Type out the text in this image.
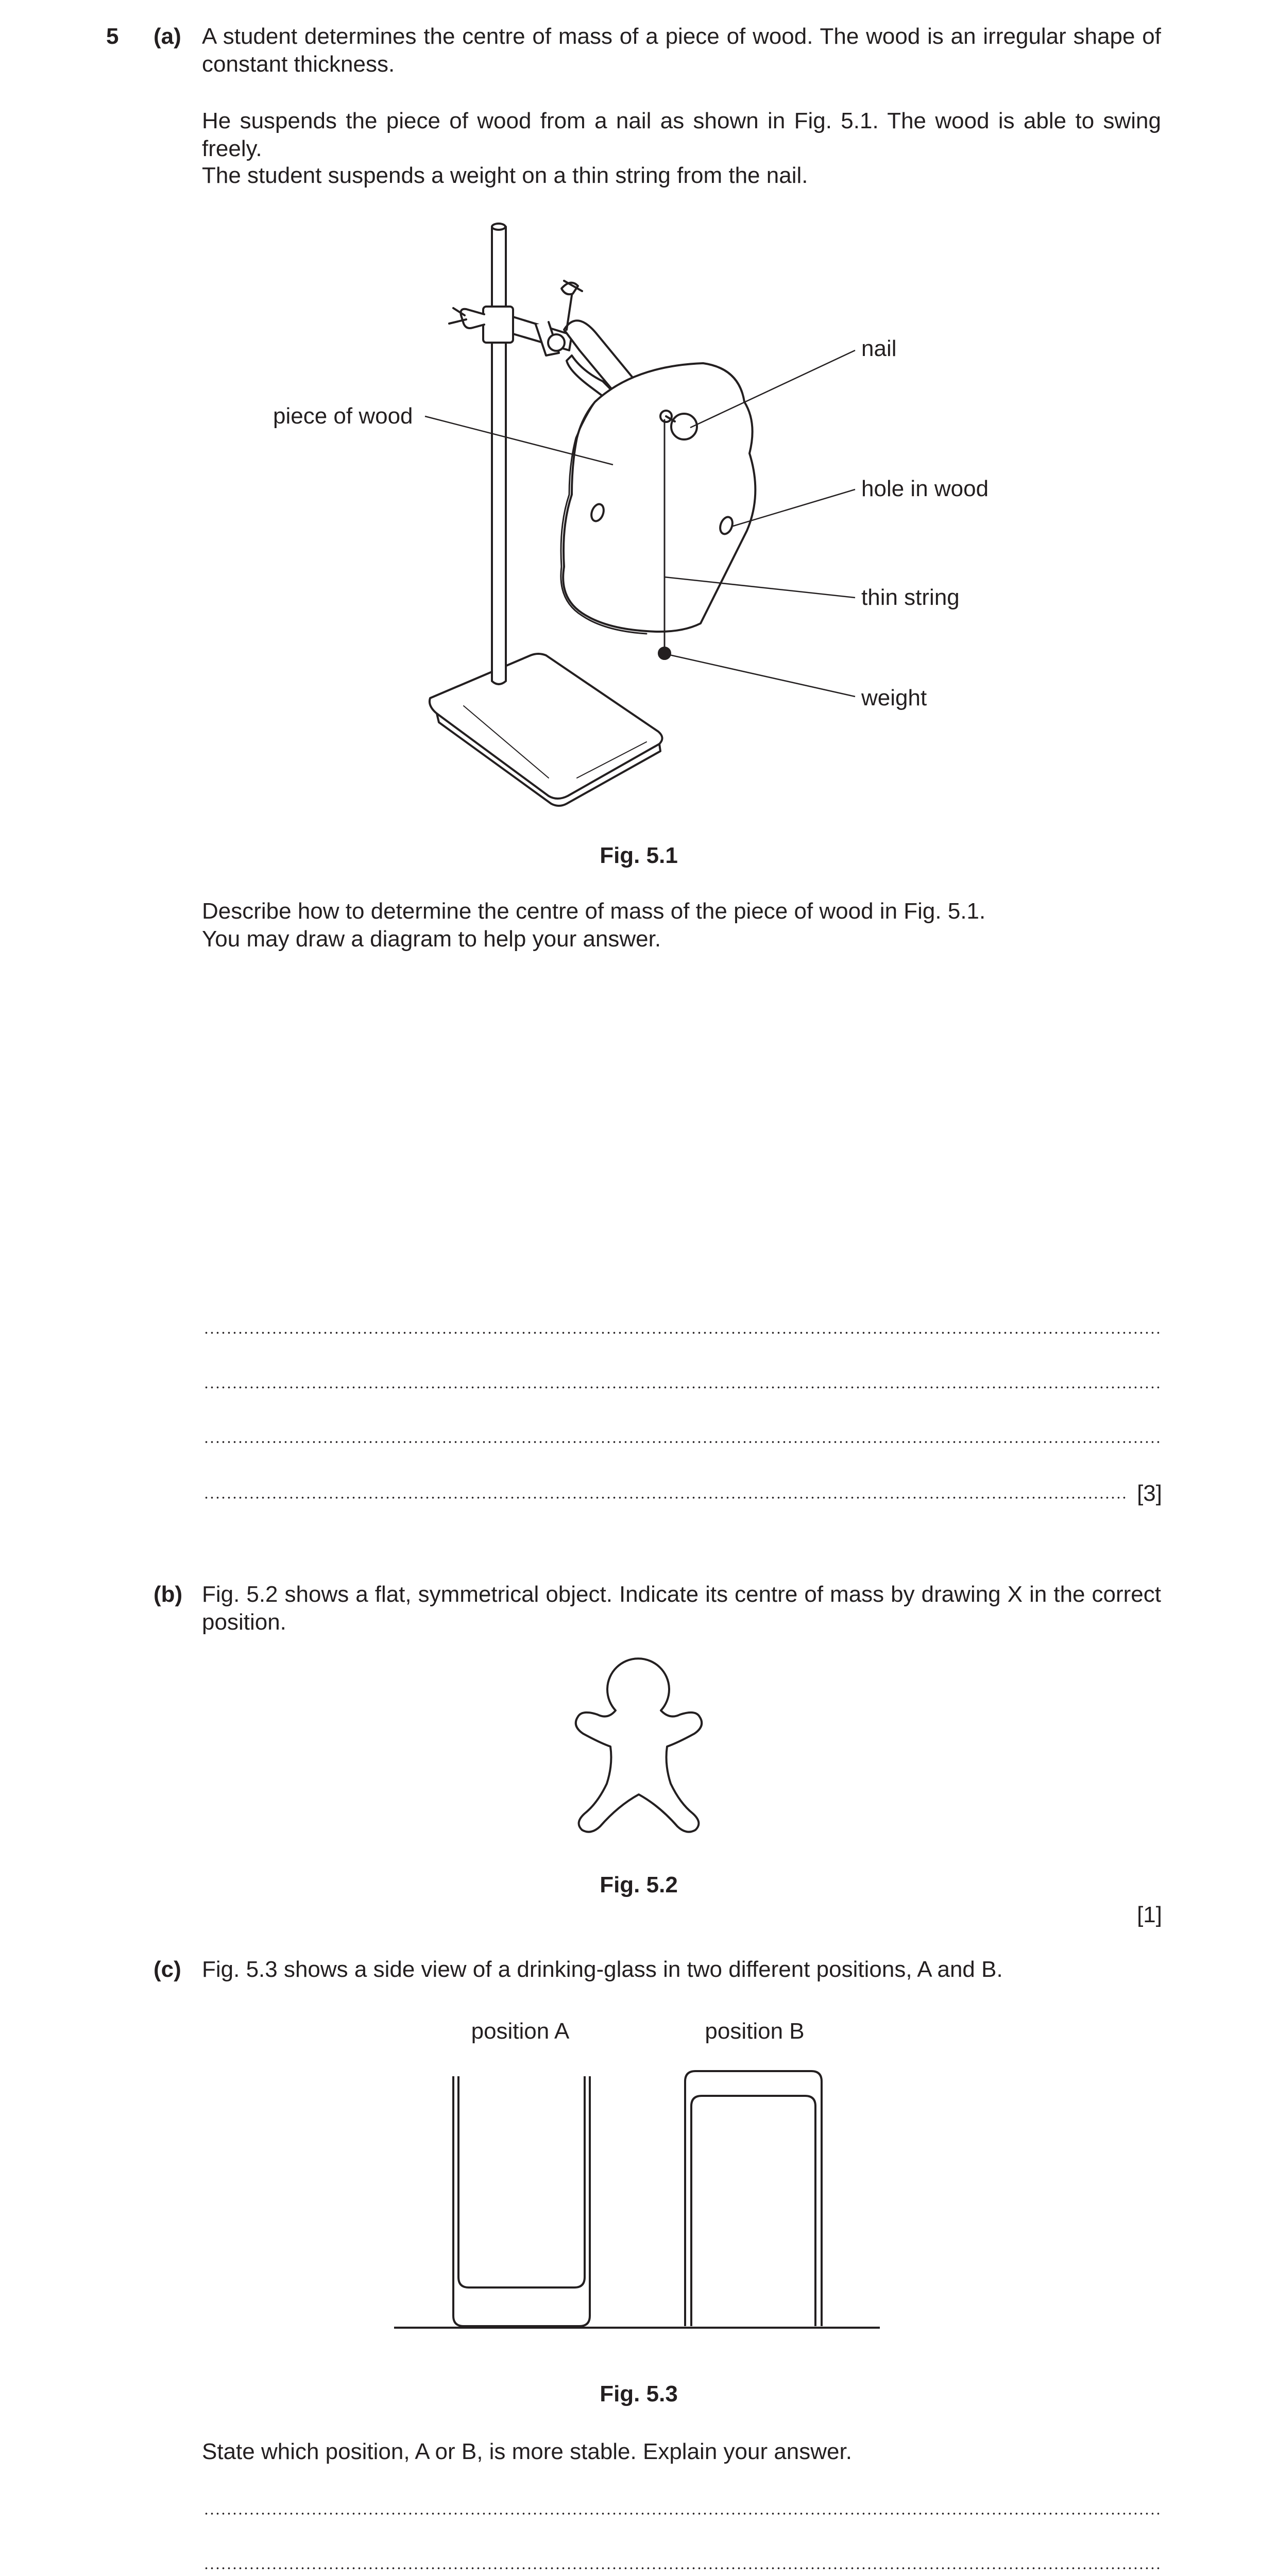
5 (a) A student determines the centre of mass of a piece of wood. The wood is an irregular shape of constant thickness.
He suspends the piece of wood from a nail as shown in Fig. 5.1. The wood is able to swing freely.
The student suspends a weight on a thin string from the nail.
piece of wood
nail
hole in wood
thin string
weight
Fig. 5.1
Describe how to determine the centre of mass of the piece of wood in Fig. 5.1.
You may draw a diagram to help your answer.
[3]
(b) Fig. 5.2 shows a flat, symmetrical object. Indicate its centre of mass by drawing X in the correct position.
Fig. 5.2
[1]
(c) Fig. 5.3 shows a side view of a drinking-glass in two different positions, A and B.
position A	position B
Fig. 5.3
State which position, A or B, is more stable. Explain your answer.
